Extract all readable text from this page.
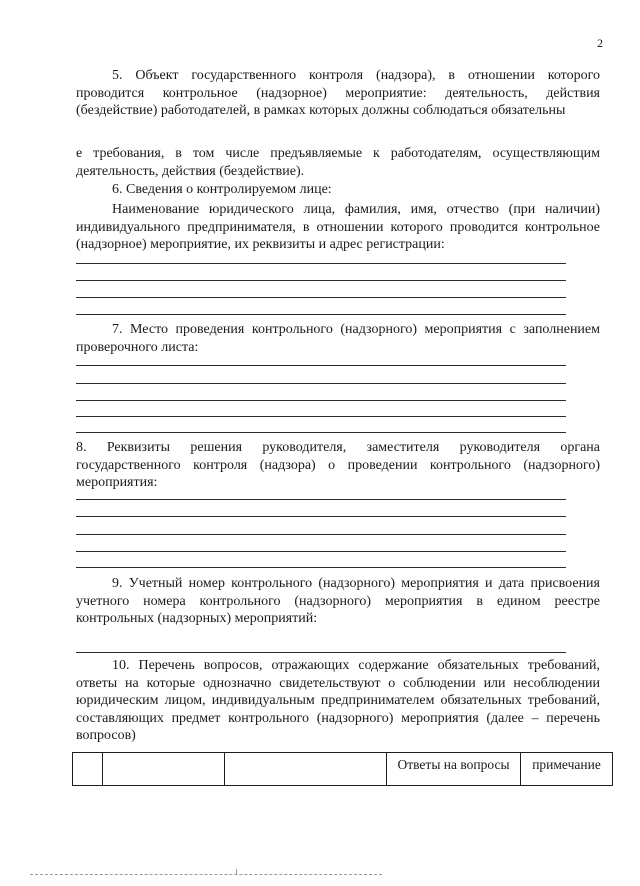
2

5. Объект государственного контроля (надзора), в отношении которого проводится контрольное (надзорное) мероприятие: деятельность, действия (бездействие) работодателей, в рамках которых должны соблюдаться обязательны

е требования, в том числе предъявляемые к работодателям, осуществляющим деятельность, действия (бездействие).

6. Сведения о контролируемом лице:

Наименование юридического лица, фамилия, имя, отчество (при наличии) индивидуального предпринимателя, в отношении которого проводится контрольное (надзорное) мероприятие, их реквизиты и адрес регистрации:

7. Место проведения контрольного (надзорного) мероприятия с заполнением проверочного листа:

8. Реквизиты решения руководителя, заместителя руководителя органа государственного контроля (надзора) о проведении контрольного (надзорного) мероприятия:

9. Учетный номер контрольного (надзорного) мероприятия и дата присвоения учетного номера контрольного (надзорного) мероприятия в едином реестре контрольных (надзорных) мероприятий:

10. Перечень вопросов, отражающих содержание обязательных требований, ответы на которые однозначно свидетельствуют о соблюдении или несоблюдении юридическим лицом, индивидуальным предпринимателем обязательных требований, составляющих предмет контрольного (надзорного) мероприятия (далее – перечень вопросов)

			Ответы на вопросы	примечание
